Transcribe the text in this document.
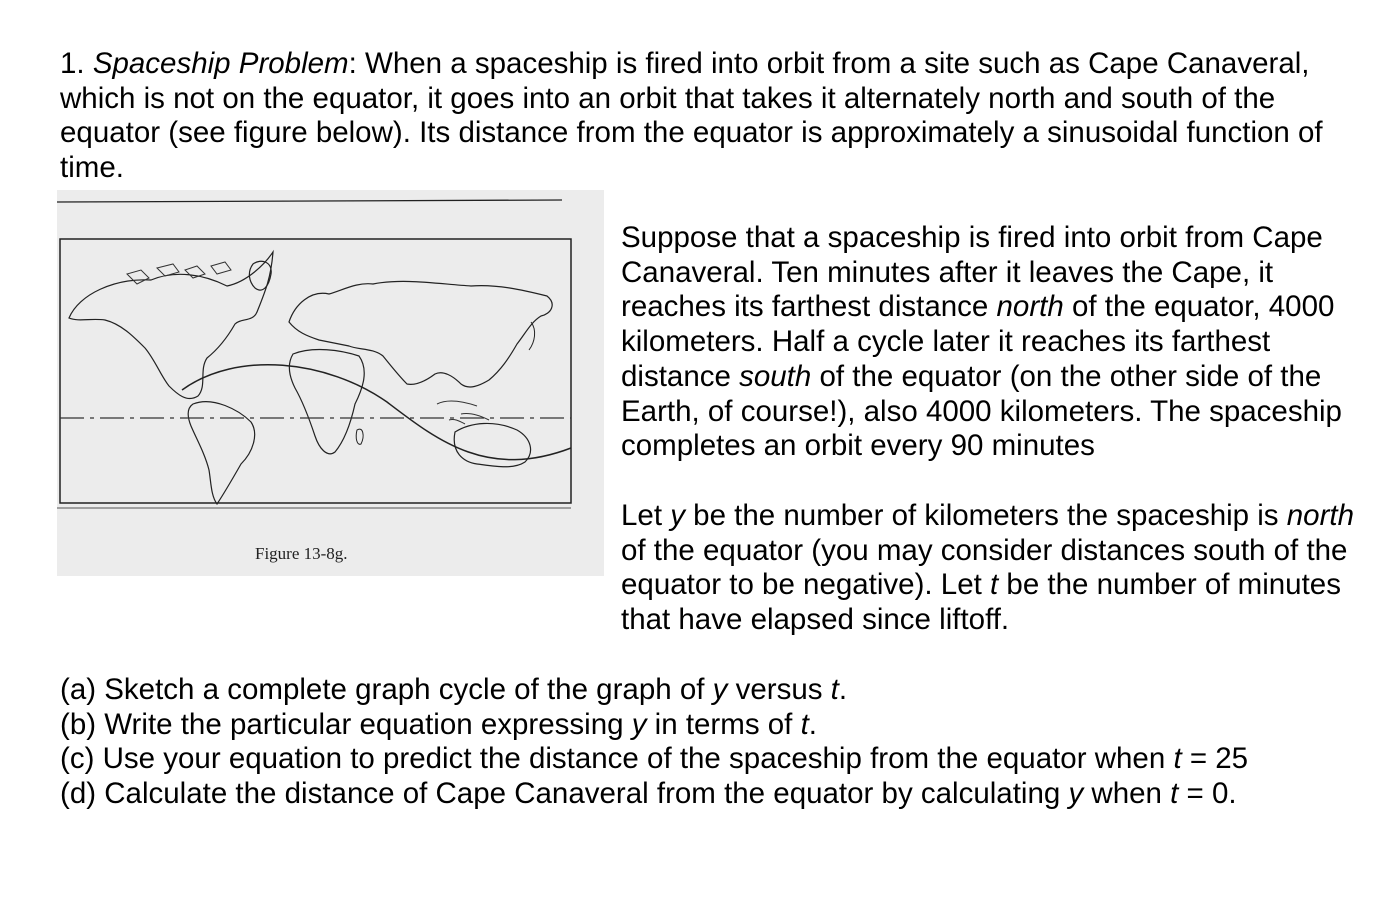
1. Spaceship Problem: When a spaceship is fired into orbit from a site such as Cape Canaveral, which is not on the equator, it goes into an orbit that takes it alternately north and south of the equator (see figure below). Its distance from the equator is approximately a sinusoidal function of time.

Figure 13-8g.

Suppose that a spaceship is fired into orbit from Cape Canaveral. Ten minutes after it leaves the Cape, it reaches its farthest distance north of the equator, 4000 kilometers. Half a cycle later it reaches its farthest distance south of the equator (on the other side of the Earth, of course!), also 4000 kilometers. The spaceship completes an orbit every 90 minutes

Let y be the number of kilometers the spaceship is north of the equator (you may consider distances south of the equator to be negative). Let t be the number of minutes that have elapsed since liftoff.

(a) Sketch a complete graph cycle of the graph of y versus t.
(b) Write the particular equation expressing y in terms of t.
(c) Use your equation to predict the distance of the spaceship from the equator when t = 25
(d) Calculate the distance of Cape Canaveral from the equator by calculating y when t = 0.
